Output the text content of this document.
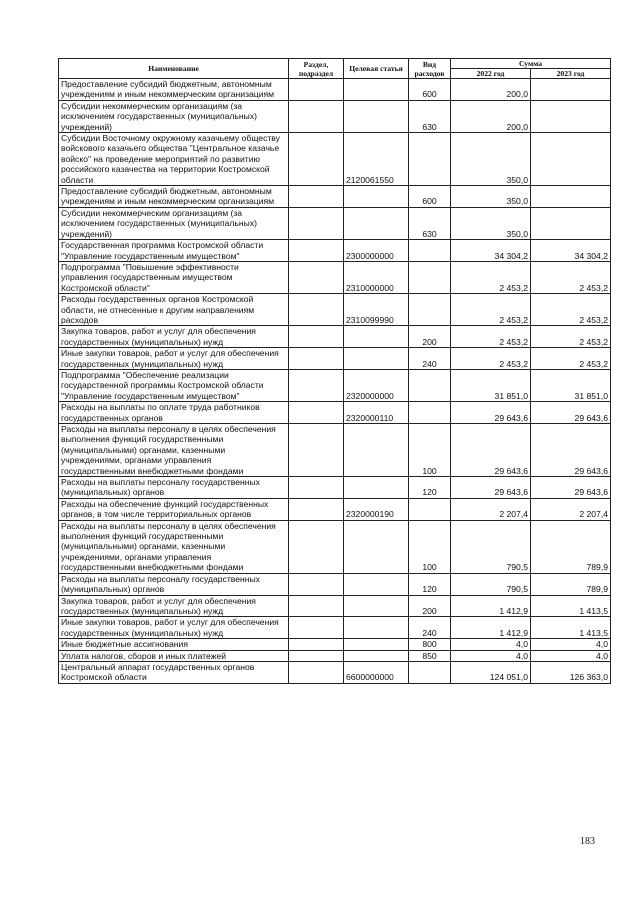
Наименование	Раздел, подраздел	Целевая статья	Вид расходов	Сумма	
				2022 год	2023 год
Предоставление субсидий бюджетным, автономным учреждениям и иным некоммерческим организациям			600	200,0	
Субсидии некоммерческим организациям (за исключением государственных (муниципальных) учреждений)			630	200,0	
Субсидии Восточному окружному казачьему обществу войскового казачьего общества "Центральное казачье войско" на проведение мероприятий по развитию российского казачества на территории Костромской области		2120061550		350,0	
Предоставление субсидий бюджетным, автономным учреждениям и иным некоммерческим организациям			600	350,0	
Субсидии некоммерческим организациям (за исключением государственных (муниципальных) учреждений)			630	350,0	
Государственная программа Костромской области "Управление государственным имуществом"		2300000000		34 304,2	34 304,2
Подпрограмма "Повышение эффективности управления государственным имуществом Костромской области"		2310000000		2 453,2	2 453,2
Расходы государственных органов Костромской области, не отнесенные к другим направлениям расходов		2310099990		2 453,2	2 453,2
Закупка товаров, работ и услуг для обеспечения государственных (муниципальных) нужд			200	2 453,2	2 453,2
Иные закупки товаров, работ и услуг для обеспечения государственных (муниципальных) нужд			240	2 453,2	2 453,2
Подпрограмма "Обеспечение реализации государственной программы Костромской области "Управление государственным имуществом"		2320000000		31 851,0	31 851,0
Расходы на выплаты по оплате труда работников государственных органов		2320000110		29 643,6	29 643,6
Расходы на выплаты персоналу в целях обеспечения выполнения функций государственными (муниципальными) органами, казенными учреждениями, органами управления государственными внебюджетными фондами			100	29 643,6	29 643,6
Расходы на выплаты персоналу государственных (муниципальных) органов			120	29 643,6	29 643,6
Расходы на обеспечение функций государственных органов, в том числе территориальных органов		2320000190		2 207,4	2 207,4
Расходы на выплаты персоналу в целях обеспечения выполнения функций государственными (муниципальными) органами, казенными учреждениями, органами управления государственными внебюджетными фондами			100	790,5	789,9
Расходы на выплаты персоналу государственных (муниципальных) органов			120	790,5	789,9
Закупка товаров, работ и услуг для обеспечения государственных (муниципальных) нужд			200	1 412,9	1 413,5
Иные закупки товаров, работ и услуг для обеспечения государственных (муниципальных) нужд			240	1 412,9	1 413,5
Иные бюджетные ассигнования			800	4,0	4,0
Уплата налогов, сборов и иных платежей			850	4,0	4,0
Центральный аппарат государственных органов Костромской области		6600000000		124 051,0	126 363,0
183
